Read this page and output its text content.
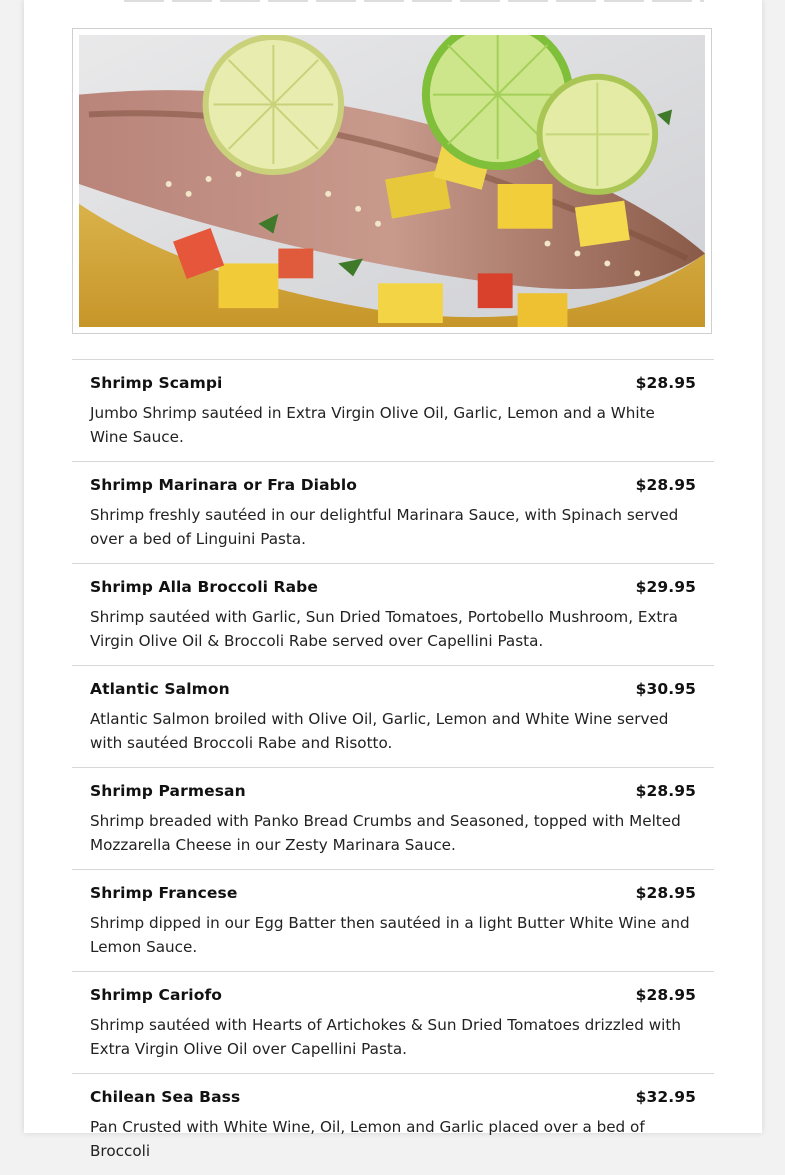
Shrimp Scampi	$28.95
Jumbo Shrimp sautéed in Extra Virgin Olive Oil, Garlic, Lemon and a White Wine Sauce.
Shrimp Marinara or Fra Diablo	$28.95
Shrimp freshly sautéed in our delightful Marinara Sauce, with Spinach served over a bed of Linguini Pasta.
Shrimp Alla Broccoli Rabe	$29.95
Shrimp sautéed with Garlic, Sun Dried Tomatoes, Portobello Mushroom, Extra Virgin Olive Oil & Broccoli Rabe served over Capellini Pasta.
Atlantic Salmon	$30.95
Atlantic Salmon broiled with Olive Oil, Garlic, Lemon and White Wine served with sautéed Broccoli Rabe and Risotto.
Shrimp Parmesan	$28.95
Shrimp breaded with Panko Bread Crumbs and Seasoned, topped with Melted Mozzarella Cheese in our Zesty Marinara Sauce.
Shrimp Francese	$28.95
Shrimp dipped in our Egg Batter then sautéed in a light Butter White Wine and Lemon Sauce.
Shrimp Cariofo	$28.95
Shrimp sautéed with Hearts of Artichokes & Sun Dried Tomatoes drizzled with Extra Virgin Olive Oil over Capellini Pasta.
Chilean Sea Bass	$32.95
Pan Crusted with White Wine, Oil, Lemon and Garlic placed over a bed of Broccoli
